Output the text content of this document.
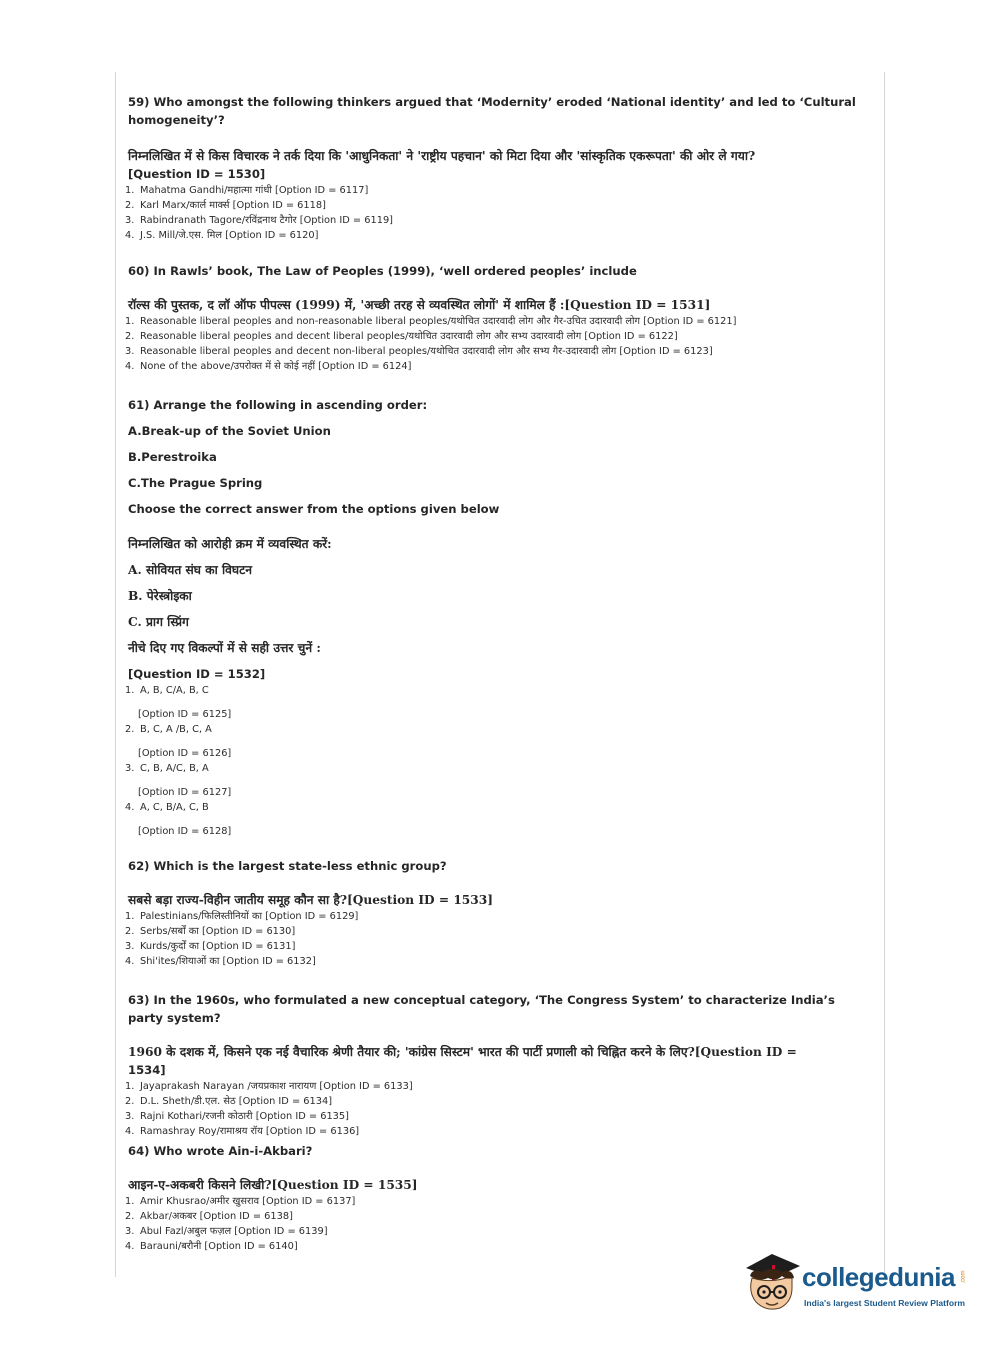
59) Who amongst the following thinkers argued that ‘Modernity’ eroded ‘National identity’ and led to ‘Cultural

homogeneity’?

निम्नलिखित में से किस विचारक ने तर्क दिया कि 'आधुनिकता' ने 'राष्ट्रीय पहचान' को मिटा दिया और 'सांस्कृतिक एकरूपता' की ओर ले गया?

[Question ID = 1530]

1. Mahatma Gandhi/महात्मा गांधी [Option ID = 6117]
2. Karl Marx/कार्ल मार्क्स [Option ID = 6118]
3. Rabindranath Tagore/रविंद्रनाथ टैगोर [Option ID = 6119]
4. J.S. Mill/जे.एस. मिल [Option ID = 6120]

60) In Rawls’ book, The Law of Peoples (1999), ‘well ordered peoples’ include

रॉल्स की पुस्तक, द लॉ ऑफ पीपल्स (1999) में, 'अच्छी तरह से व्यवस्थित लोगों' में शामिल हैं :[Question ID = 1531]

1. Reasonable liberal peoples and non-reasonable liberal peoples/यथोचित उदारवादी लोग और गैर-उचित उदारवादी लोग [Option ID = 6121]
2. Reasonable liberal peoples and decent liberal peoples/यथोचित उदारवादी लोग और सभ्य उदारवादी लोग [Option ID = 6122]
3. Reasonable liberal peoples and decent non-liberal peoples/यथोचित उदारवादी लोग और सभ्य गैर-उदारवादी लोग [Option ID = 6123]
4. None of the above/उपरोक्त में से कोई नहीं [Option ID = 6124]

61) Arrange the following in ascending order:

A.Break-up of the Soviet Union

B.Perestroika

C.The Prague Spring

Choose the correct answer from the options given below

निम्नलिखित को आरोही क्रम में व्यवस्थित करें:

A. सोवियत संघ का विघटन

B. पेरेस्त्रोइका

C. प्राग स्प्रिंग

नीचे दिए गए विकल्पों में से सही उत्तर चुनें :

[Question ID = 1532]

1. A, B, C/A, B, C
[Option ID = 6125]
2. B, C, A /B, C, A
[Option ID = 6126]
3. C, B, A/C, B, A
[Option ID = 6127]
4. A, C, B/A, C, B
[Option ID = 6128]

62) Which is the largest state-less ethnic group?

सबसे बड़ा राज्य-विहीन जातीय समूह कौन सा है?[Question ID = 1533]

1. Palestinians/फिलिस्तीनियों का [Option ID = 6129]
2. Serbs/सर्बों का [Option ID = 6130]
3. Kurds/कुर्दों का [Option ID = 6131]
4. Shi'ites/शियाओं का [Option ID = 6132]

63) In the 1960s, who formulated a new conceptual category, ‘The Congress System’ to characterize India’s party system?

1960 के दशक में, किसने एक नई वैचारिक श्रेणी तैयार की; 'कांग्रेस सिस्टम' भारत की पार्टी प्रणाली को चिह्नित करने के लिए?[Question ID =

1534]

1. Jayaprakash Narayan /जयप्रकाश नारायण [Option ID = 6133]
2. D.L. Sheth/डी.एल. सेठ [Option ID = 6134]
3. Rajni Kothari/रजनी कोठारी [Option ID = 6135]
4. Ramashray Roy/रामाश्रय रॉय [Option ID = 6136]

64) Who wrote Ain-i-Akbari?

आइन-ए-अकबरी किसने लिखी?[Question ID = 1535]

1. Amir Khusrao/अमीर खुसराव [Option ID = 6137]
2. Akbar/अकबर [Option ID = 6138]
3. Abul Fazl/अबुल फज़ल [Option ID = 6139]
4. Barauni/बरौनी [Option ID = 6140]
collegedunia .com
India's largest Student Review Platform
